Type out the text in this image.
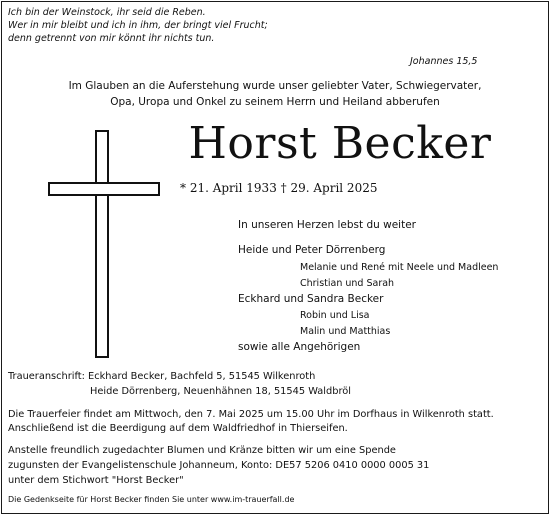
Ich bin der Weinstock, ihr seid die Reben.
Wer in mir bleibt und ich in ihm, der bringt viel Frucht;
denn getrennt von mir könnt ihr nichts tun.
Johannes 15,5
Im Glauben an die Auferstehung wurde unser geliebter Vater, Schwiegervater,
Opa, Uropa und Onkel zu seinem Herrn und Heiland abberufen
Horst Becker
* 21. April 1933 † 29. April 2025
In unseren Herzen lebst du weiter
Heide und Peter Dörrenberg
Melanie und René mit Neele und Madleen
Christian und Sarah
Eckhard und Sandra Becker
Robin und Lisa
Malin und Matthias
sowie alle Angehörigen
Traueranschrift: Eckhard Becker, Bachfeld 5, 51545 Wilkenroth
Heide Dörrenberg, Neuenhähnen 18, 51545 Waldbröl
Die Trauerfeier findet am Mittwoch, den 7. Mai 2025 um 15.00 Uhr im Dorfhaus in Wilkenroth statt.
Anschließend ist die Beerdigung auf dem Waldfriedhof in Thierseifen.
Anstelle freundlich zugedachter Blumen und Kränze bitten wir um eine Spende
zugunsten der Evangelistenschule Johanneum, Konto: DE57 5206 0410 0000 0005 31
unter dem Stichwort "Horst Becker"
Die Gedenkseite für Horst Becker finden Sie unter www.im-trauerfall.de
